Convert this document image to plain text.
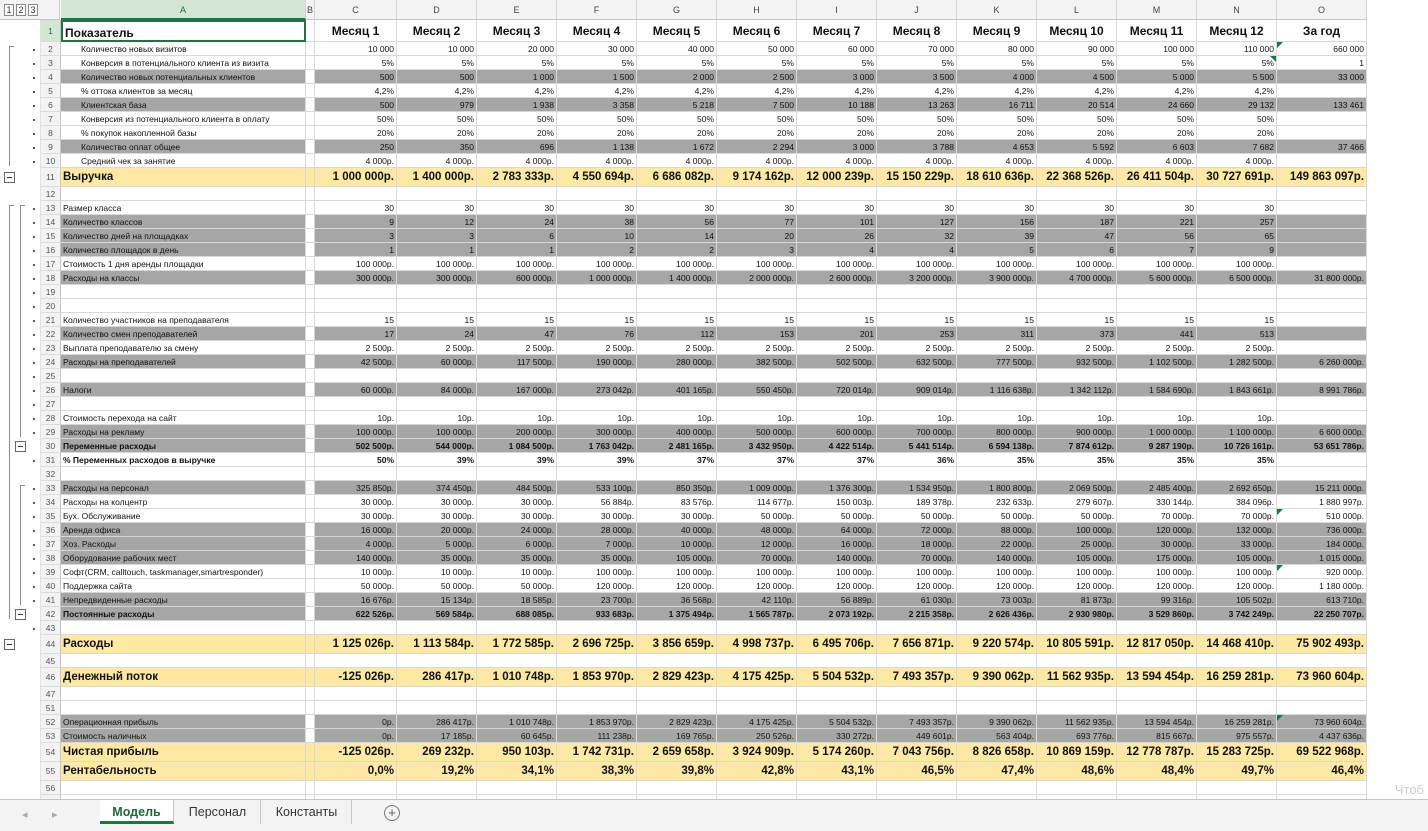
1 2 3	A	B	C	D	E	F	G	H	I	J	K	L	M	N	O
1
2
3
4
5
6
7
8
9
10
11
12
13
14
15
16
17
18
19
20
21
22
23
24
25
26
27
28
29
30
31
32
33
34
35
36
37
38
39
40
41
42
43
44
45
46
47
51
52
53
54
55
56
Показатель	Месяц 1	Месяц 2	Месяц 3	Месяц 4	Месяц 5	Месяц 6	Месяц 7	Месяц 8	Месяц 9	Месяц 10	Месяц 11	Месяц 12	За год
Количество новых визитов	10 000	10 000	20 000	30 000	40 000	50 000	60 000	70 000	80 000	90 000	100 000	110 000	660 000
Конверсия в потенциального клиента из визита	5%	5%	5%	5%	5%	5%	5%	5%	5%	5%	5%	5%	1
Количество новых потенциальных клиентов	500	500	1 000	1 500	2 000	2 500	3 000	3 500	4 000	4 500	5 000	5 500	33 000
% оттока клиентов за месяц	4,2%	4,2%	4,2%	4,2%	4,2%	4,2%	4,2%	4,2%	4,2%	4,2%	4,2%	4,2%
Клиентская база	500	979	1 938	3 358	5 218	7 500	10 188	13 263	16 711	20 514	24 660	29 132	133 461
Конверсия из потенциального клиента в оплату	50%	50%	50%	50%	50%	50%	50%	50%	50%	50%	50%	50%
% покупок накопленной базы	20%	20%	20%	20%	20%	20%	20%	20%	20%	20%	20%	20%
Количество оплат общее	250	350	696	1 138	1 672	2 294	3 000	3 788	4 653	5 592	6 603	7 682	37 466
Средний чек за занятие	4 000р.	4 000р.	4 000р.	4 000р.	4 000р.	4 000р.	4 000р.	4 000р.	4 000р.	4 000р.	4 000р.	4 000р.
Выручка	1 000 000р.	1 400 000р.	2 783 333р.	4 550 694р.	6 686 082р.	9 174 162р.	12 000 239р.	15 150 229р.	18 610 636р.	22 368 526р.	26 411 504р.	30 727 691р.	149 863 097р.
Размер класса	30	30	30	30	30	30	30	30	30	30	30	30
Количество классов	9	12	24	38	56	77	101	127	156	187	221	257
Количество дней на площадках	3	3	6	10	14	20	26	32	39	47	56	65
Количество площадок в день	1	1	1	2	2	3	4	4	5	6	7	9
Стоимость 1 дня аренды площадки	100 000р.	100 000р.	100 000р.	100 000р.	100 000р.	100 000р.	100 000р.	100 000р.	100 000р.	100 000р.	100 000р.	100 000р.
Расходы на классы	300 000р.	300 000р.	600 000р.	1 000 000р.	1 400 000р.	2 000 000р.	2 600 000р.	3 200 000р.	3 900 000р.	4 700 000р.	5 600 000р.	6 500 000р.	31 800 000р.
Количество участников на преподавателя	15	15	15	15	15	15	15	15	15	15	15	15
Количество смен преподавателей	17	24	47	76	112	153	201	253	311	373	441	513
Выплата преподавателю за смену	2 500р.	2 500р.	2 500р.	2 500р.	2 500р.	2 500р.	2 500р.	2 500р.	2 500р.	2 500р.	2 500р.	2 500р.
Расходы на преподавателей	42 500р.	60 000р.	117 500р.	190 000р.	280 000р.	382 500р.	502 500р.	632 500р.	777 500р.	932 500р.	1 102 500р.	1 282 500р.	6 260 000р.
Налоги	60 000р.	84 000р.	167 000р.	273 042р.	401 165р.	550 450р.	720 014р.	909 014р.	1 116 638р.	1 342 112р.	1 584 690р.	1 843 661р.	8 991 786р.
Стоимость перехода на сайт	10р.	10р.	10р.	10р.	10р.	10р.	10р.	10р.	10р.	10р.	10р.	10р.
Расходы на рекламу	100 000р.	100 000р.	200 000р.	300 000р.	400 000р.	500 000р.	600 000р.	700 000р.	800 000р.	900 000р.	1 000 000р.	1 100 000р.	6 600 000р.
Переменные расходы	502 500р.	544 000р.	1 084 500р.	1 763 042р.	2 481 165р.	3 432 950р.	4 422 514р.	5 441 514р.	6 594 138р.	7 874 612р.	9 287 190р.	10 726 161р.	53 651 786р.
% Переменных расходов в выручке	50%	39%	39%	39%	37%	37%	37%	36%	35%	35%	35%	35%
Расходы на персонал	325 850р.	374 450р.	484 500р.	533 100р.	850 350р.	1 009 000р.	1 376 300р.	1 534 950р.	1 800 800р.	2 069 500р.	2 485 400р.	2 692 650р.	15 211 000р.
Расходы на колцентр	30 000р.	30 000р.	30 000р.	56 884р.	83 576р.	114 677р.	150 003р.	189 378р.	232 633р.	279 607р.	330 144р.	384 096р.	1 880 997р.
Бух. Обслуживание	30 000р.	30 000р.	30 000р.	30 000р.	30 000р.	50 000р.	50 000р.	50 000р.	50 000р.	50 000р.	70 000р.	70 000р.	510 000р.
Аренда офиса	16 000р.	20 000р.	24 000р.	28 000р.	40 000р.	48 000р.	64 000р.	72 000р.	88 000р.	100 000р.	120 000р.	132 000р.	736 000р.
Хоз. Расходы	4 000р.	5 000р.	6 000р.	7 000р.	10 000р.	12 000р.	16 000р.	18 000р.	22 000р.	25 000р.	30 000р.	33 000р.	184 000р.
Оборудование рабочих мест	140 000р.	35 000р.	35 000р.	35 000р.	105 000р.	70 000р.	140 000р.	70 000р.	140 000р.	105 000р.	175 000р.	105 000р.	1 015 000р.
Софт(CRM, calltouch, taskmanager,smartresponder)	10 000р.	10 000р.	10 000р.	100 000р.	100 000р.	100 000р.	100 000р.	100 000р.	100 000р.	100 000р.	100 000р.	100 000р.	920 000р.
Поддержка сайта	50 000р.	50 000р.	50 000р.	120 000р.	120 000р.	120 000р.	120 000р.	120 000р.	120 000р.	120 000р.	120 000р.	120 000р.	1 180 000р.
Непредвиденные расходы	16 676р.	15 134р.	18 585р.	23 700р.	36 568р.	42 110р.	56 889р.	61 030р.	73 003р.	81 873р.	99 316р.	105 502р.	613 710р.
Постоянные расходы	622 526р.	569 584р.	688 085р.	933 683р.	1 375 494р.	1 565 787р.	2 073 192р.	2 215 358р.	2 626 436р.	2 930 980р.	3 529 860р.	3 742 249р.	22 250 707р.
Расходы	1 125 026р.	1 113 584р.	1 772 585р.	2 696 725р.	3 856 659р.	4 998 737р.	6 495 706р.	7 656 871р.	9 220 574р.	10 805 591р.	12 817 050р.	14 468 410р.	75 902 493р.
Денежный поток	-125 026р.	286 417р.	1 010 748р.	1 853 970р.	2 829 423р.	4 175 425р.	5 504 532р.	7 493 357р.	9 390 062р.	11 562 935р.	13 594 454р.	16 259 281р.	73 960 604р.
Операционная прибыль	0р.	286 417р.	1 010 748р.	1 853 970р.	2 829 423р.	4 175 425р.	5 504 532р.	7 493 357р.	9 390 062р.	11 562 935р.	13 594 454р.	16 259 281р.	73 960 604р.
Стоимость наличных	0р.	17 185р.	60 645р.	111 238р.	169 765р.	250 526р.	330 272р.	449 601р.	563 404р.	693 776р.	815 667р.	975 557р.	4 437 636р.
Чистая прибыль	-125 026р.	269 232р.	950 103р.	1 742 731р.	2 659 658р.	3 924 909р.	5 174 260р.	7 043 756р.	8 826 658р.	10 869 159р.	12 778 787р.	15 283 725р.	69 522 968р.
Рентабельность	0,0%	19,2%	34,1%	38,3%	39,8%	42,8%	43,1%	46,5%	47,4%	48,6%	48,4%	49,7%	46,4%
Чтоб
◂ ▸	Модель	Персонал	Константы	+
